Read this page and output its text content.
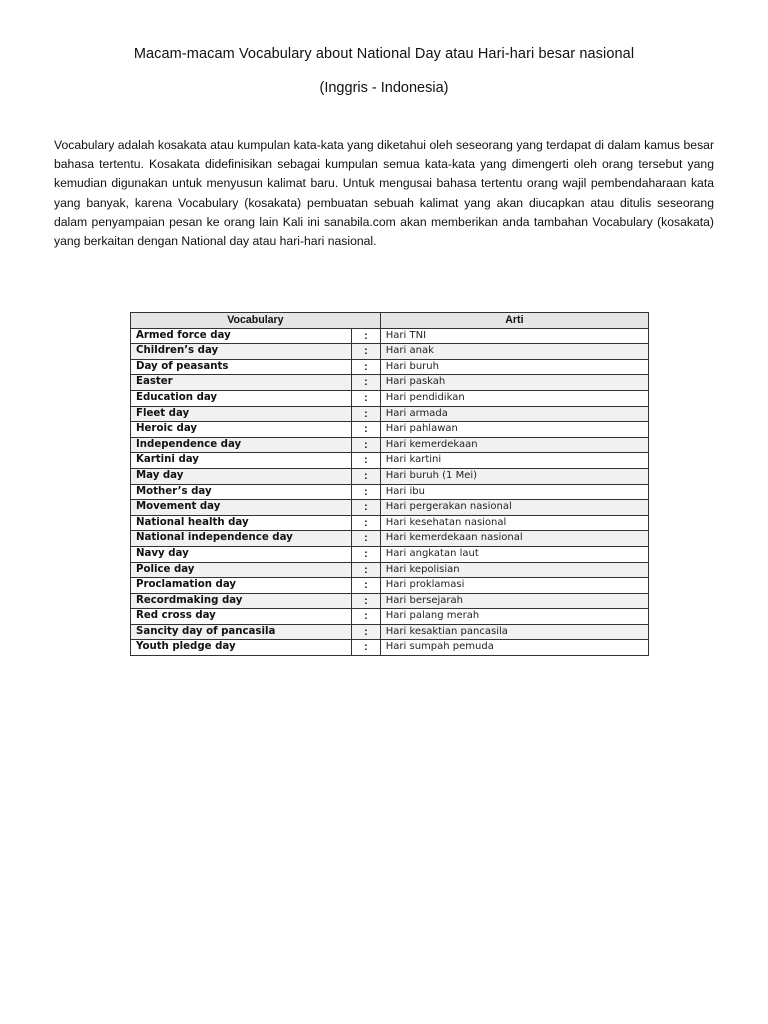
Macam-macam Vocabulary about National Day atau Hari-hari besar nasional
(Inggris - Indonesia)

Vocabulary adalah kosakata atau kumpulan kata-kata yang diketahui oleh seseorang yang terdapat di dalam kamus besar bahasa tertentu. Kosakata didefinisikan sebagai kumpulan semua kata-kata yang dimengerti oleh orang tersebut yang kemudian digunakan untuk menyusun kalimat baru. Untuk mengusai bahasa tertentu orang wajil pembendaharaan kata yang banyak, karena Vocabulary (kosakata) pembuatan sebuah kalimat yang akan diucapkan atau ditulis seseorang dalam penyampaian pesan ke orang lain Kali ini sanabila.com akan memberikan anda tambahan Vocabulary (kosakata) yang berkaitan dengan National day atau hari-hari nasional.

Vocabulary		Arti
Armed force day	:	Hari TNI
Children’s day	:	Hari anak
Day of peasants	:	Hari buruh
Easter	:	Hari paskah
Education day	:	Hari pendidikan
Fleet day	:	Hari armada
Heroic day	:	Hari pahlawan
Independence day	:	Hari kemerdekaan
Kartini day	:	Hari kartini
May day	:	Hari buruh (1 Mei)
Mother’s day	:	Hari ibu
Movement day	:	Hari pergerakan nasional
National health day	:	Hari kesehatan nasional
National independence day	:	Hari kemerdekaan nasional
Navy day	:	Hari angkatan laut
Police day	:	Hari kepolisian
Proclamation day	:	Hari proklamasi
Recordmaking day	:	Hari bersejarah
Red cross day	:	Hari palang merah
Sancity day of pancasila	:	Hari kesaktian pancasila
Youth pledge day	:	Hari sumpah pemuda
